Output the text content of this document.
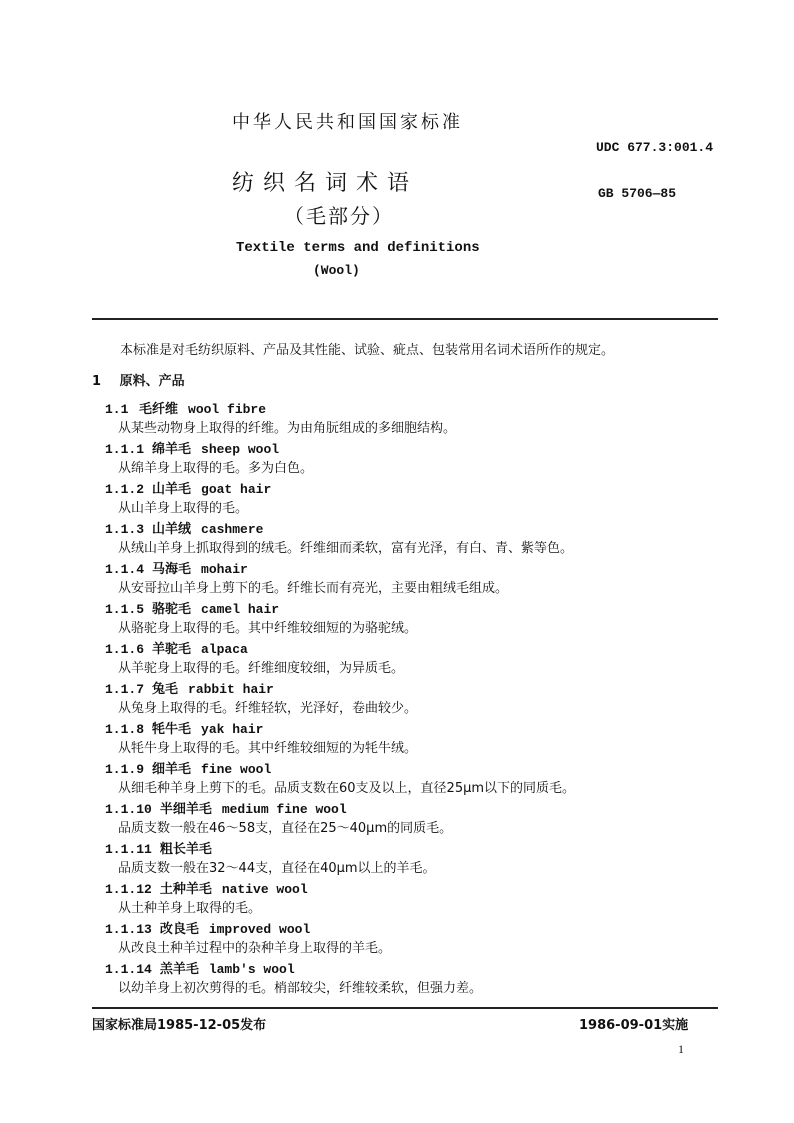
中华人民共和国国家标准
UDC 677.3:001.4
纺织名词术语	GB 5706—85
（毛部分）
Textile terms and definitions
(Wool)
本标准是对毛纺织原料、产品及其性能、试验、疵点、包装常用名词术语所作的规定。
1 原料、产品
1.1 毛纤维 wool fibre
从某些动物身上取得的纤维。为由角朊组成的多细胞结构。
1.1.1 绵羊毛 sheep wool
从绵羊身上取得的毛。多为白色。
1.1.2 山羊毛 goat hair
从山羊身上取得的毛。
1.1.3 山羊绒 cashmere
从绒山羊身上抓取得到的绒毛。纤维细而柔软，富有光泽，有白、青、紫等色。
1.1.4 马海毛 mohair
从安哥拉山羊身上剪下的毛。纤维长而有亮光，主要由粗绒毛组成。
1.1.5 骆驼毛 camel hair
从骆驼身上取得的毛。其中纤维较细短的为骆驼绒。
1.1.6 羊驼毛 alpaca
从羊驼身上取得的毛。纤维细度较细，为异质毛。
1.1.7 兔毛 rabbit hair
从兔身上取得的毛。纤维轻软，光泽好，卷曲较少。
1.1.8 牦牛毛 yak hair
从牦牛身上取得的毛。其中纤维较细短的为牦牛绒。
1.1.9 细羊毛 fine wool
从细毛种羊身上剪下的毛。品质支数在60支及以上，直径25μm以下的同质毛。
1.1.10 半细羊毛 medium fine wool
品质支数一般在46～58支，直径在25～40μm的同质毛。
1.1.11 粗长羊毛
品质支数一般在32～44支，直径在40μm以上的羊毛。
1.1.12 土种羊毛 native wool
从土种羊身上取得的毛。
1.1.13 改良毛 improved wool
从改良土种羊过程中的杂种羊身上取得的羊毛。
1.1.14 羔羊毛 lamb's wool
以幼羊身上初次剪得的毛。梢部较尖，纤维较柔软，但强力差。
国家标准局1985-12-05发布	1986-09-01实施
1
